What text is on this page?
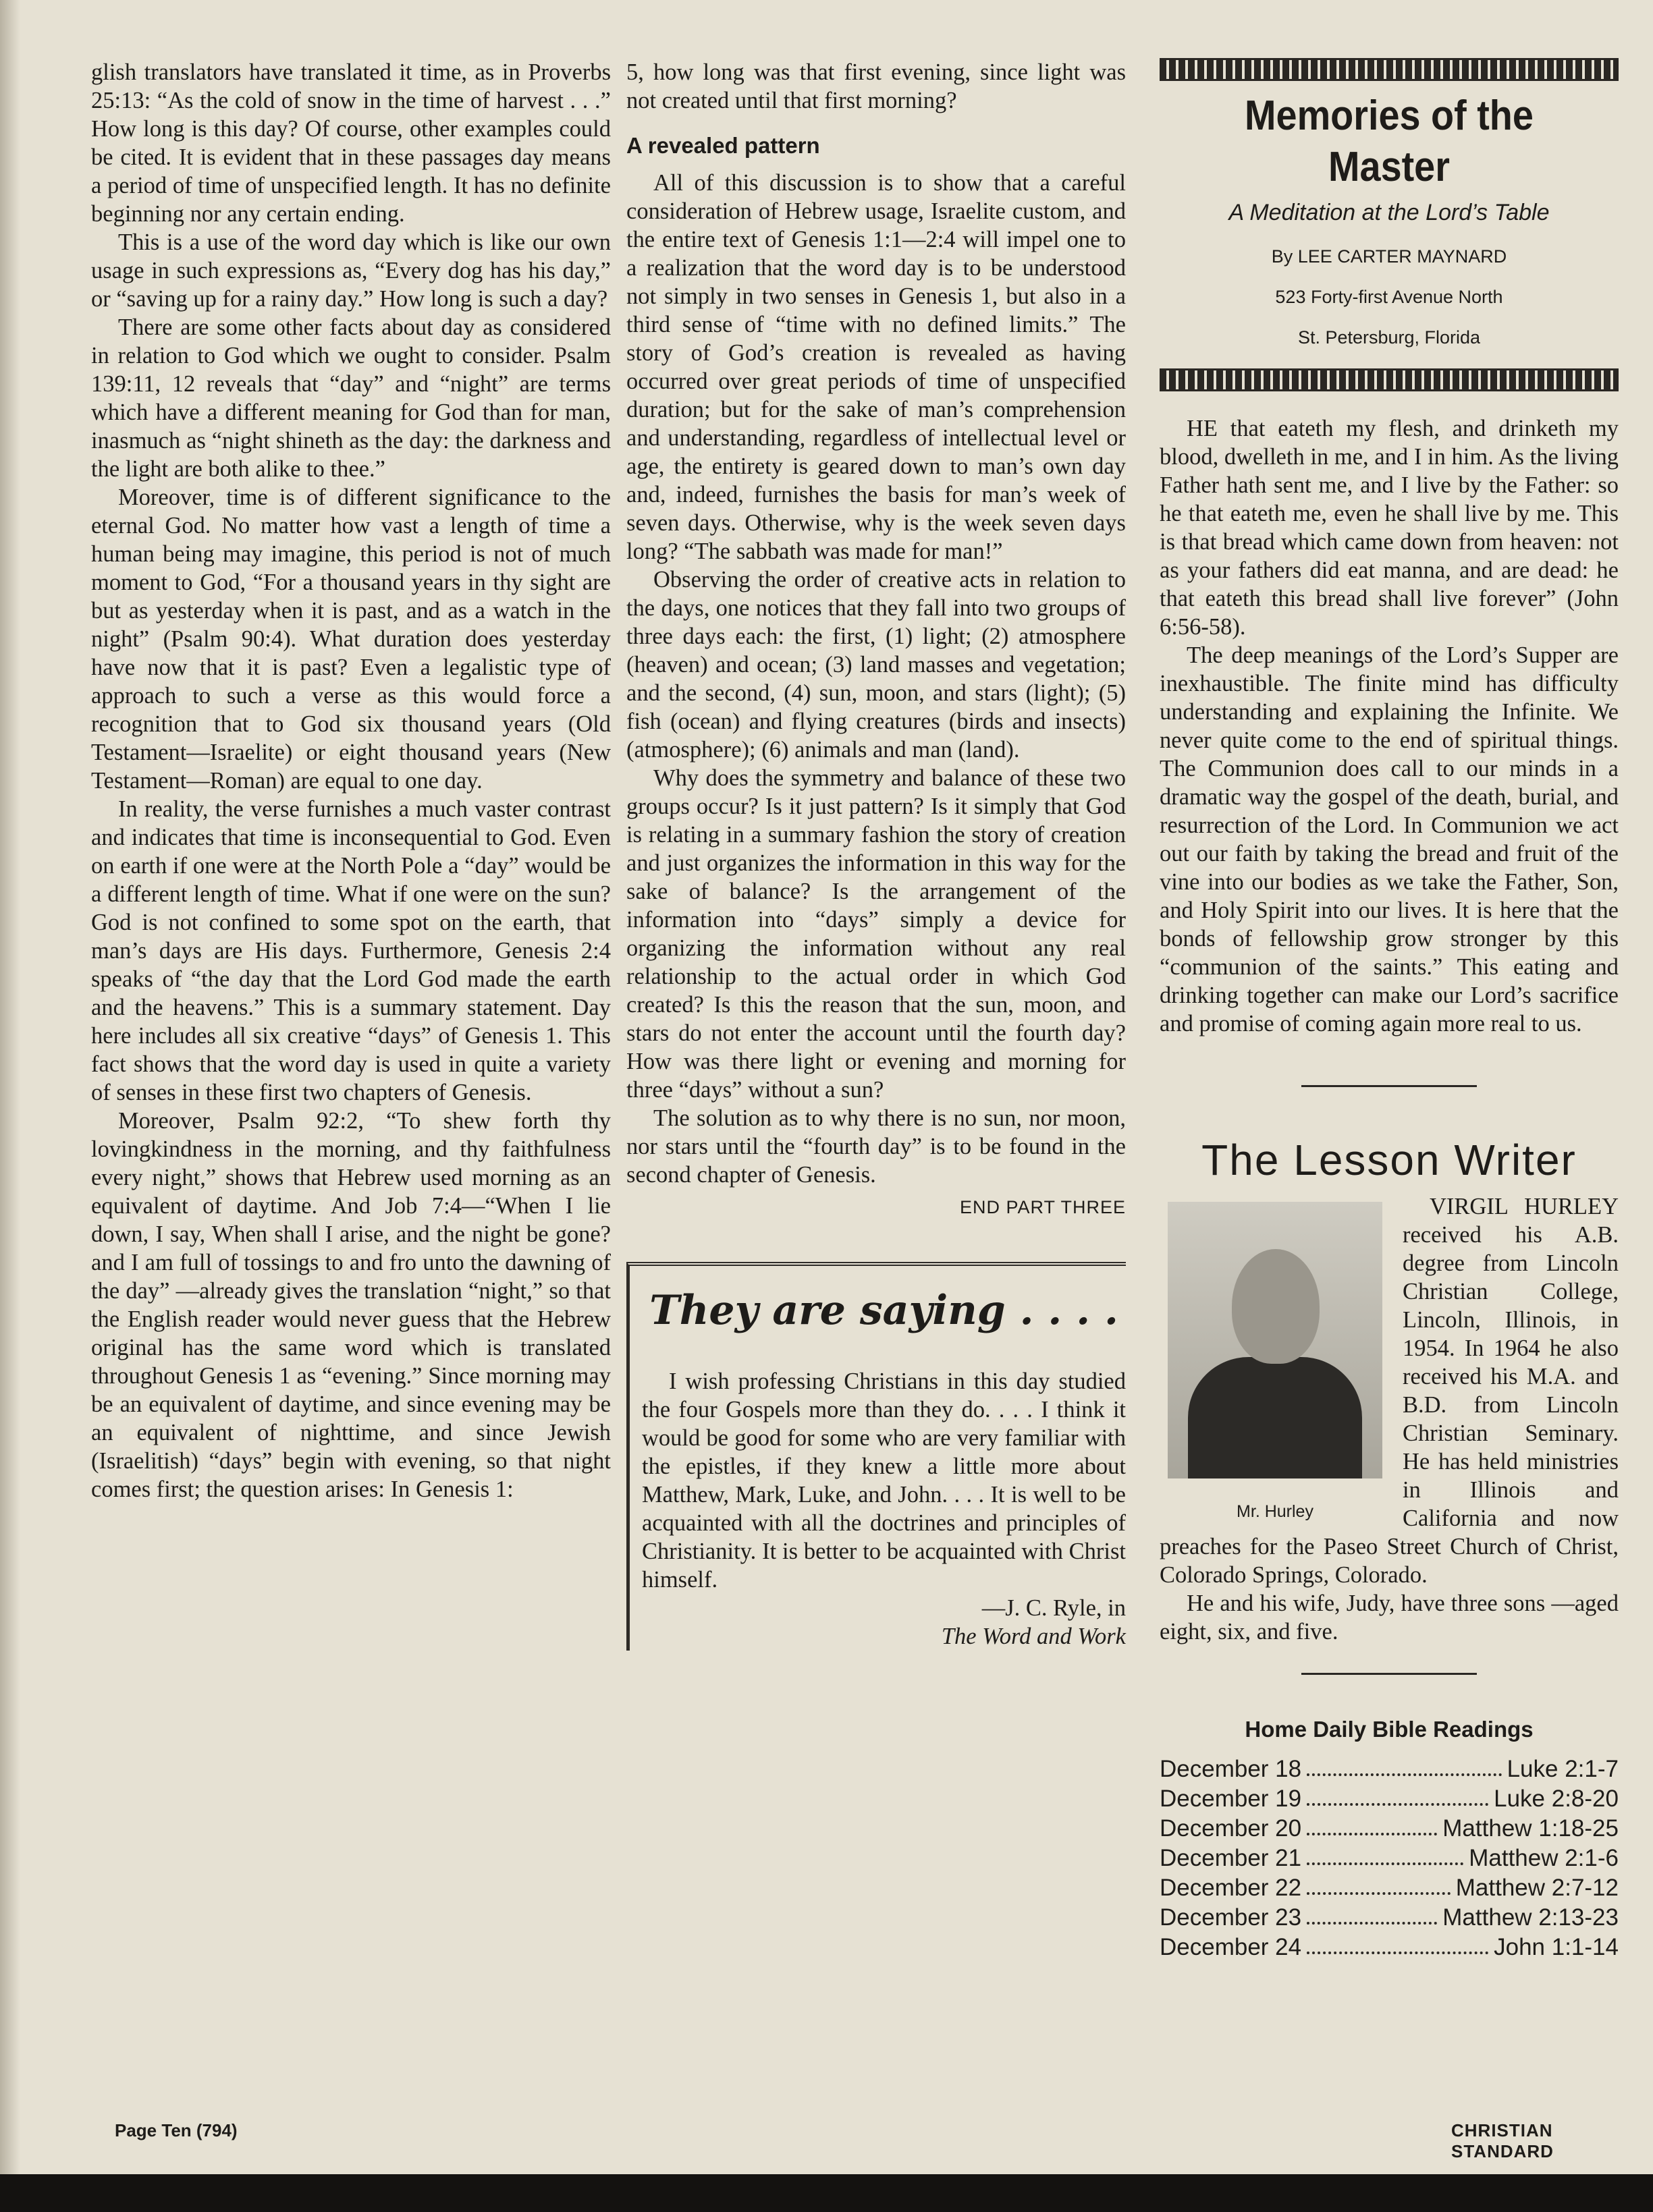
glish translators have translated it time, as in Proverbs 25:13: “As the cold of snow in the time of harvest . . .” How long is this day? Of course, other examples could be cited. It is evident that in these passages day means a period of time of unspecified length. It has no definite beginning nor any certain ending.

This is a use of the word day which is like our own usage in such expressions as, “Every dog has his day,” or “saving up for a rainy day.” How long is such a day?

There are some other facts about day as considered in relation to God which we ought to consider. Psalm 139:11, 12 reveals that “day” and “night” are terms which have a different meaning for God than for man, inasmuch as “night shineth as the day: the darkness and the light are both alike to thee.”

Moreover, time is of different significance to the eternal God. No matter how vast a length of time a human being may imagine, this period is not of much moment to God, “For a thousand years in thy sight are but as yesterday when it is past, and as a watch in the night” (Psalm 90:4). What duration does yesterday have now that it is past? Even a legalistic type of approach to such a verse as this would force a recognition that to God six thousand years (Old Testament—Israelite) or eight thousand years (New Testament—Roman) are equal to one day.

In reality, the verse furnishes a much vaster contrast and indicates that time is inconsequential to God. Even on earth if one were at the North Pole a “day” would be a different length of time. What if one were on the sun? God is not confined to some spot on the earth, that man’s days are His days. Furthermore, Genesis 2:4 speaks of “the day that the Lord God made the earth and the heavens.” This is a summary statement. Day here includes all six creative “days” of Genesis 1. This fact shows that the word day is used in quite a variety of senses in these first two chapters of Genesis.

Moreover, Psalm 92:2, “To shew forth thy lovingkindness in the morning, and thy faithfulness every night,” shows that Hebrew used morning as an equivalent of daytime. And Job 7:4—“When I lie down, I say, When shall I arise, and the night be gone? and I am full of tossings to and fro unto the dawning of the day” —already gives the translation “night,” so that the English reader would never guess that the Hebrew original has the same word which is translated throughout Genesis 1 as “evening.” Since morning may be an equivalent of daytime, and since evening may be an equivalent of nighttime, and since Jewish (Israelitish) “days” begin with evening, so that night comes first; the question arises: In Genesis 1:

5, how long was that first evening, since light was not created until that first morning?

A revealed pattern

All of this discussion is to show that a careful consideration of Hebrew usage, Israelite custom, and the entire text of Genesis 1:1—2:4 will impel one to a realization that the word day is to be understood not simply in two senses in Genesis 1, but also in a third sense of “time with no defined limits.” The story of God’s creation is revealed as having occurred over great periods of time of unspecified duration; but for the sake of man’s comprehension and understanding, regardless of intellectual level or age, the entirety is geared down to man’s own day and, indeed, furnishes the basis for man’s week of seven days. Otherwise, why is the week seven days long? “The sabbath was made for man!”

Observing the order of creative acts in relation to the days, one notices that they fall into two groups of three days each: the first, (1) light; (2) atmosphere (heaven) and ocean; (3) land masses and vegetation; and the second, (4) sun, moon, and stars (light); (5) fish (ocean) and flying creatures (birds and insects) (atmosphere); (6) animals and man (land).

Why does the symmetry and balance of these two groups occur? Is it just pattern? Is it simply that God is relating in a summary fashion the story of creation and just organizes the information in this way for the sake of balance? Is the arrangement of the information into “days” simply a device for organizing the information without any real relationship to the actual order in which God created? Is this the reason that the sun, moon, and stars do not enter the account until the fourth day? How was there light or evening and morning for three “days” without a sun?

The solution as to why there is no sun, nor moon, nor stars until the “fourth day” is to be found in the second chapter of Genesis.

END PART THREE
They are saying . . . .

I wish professing Christians in this day studied the four Gospels more than they do. . . . I think it would be good for some who are very familiar with the epistles, if they knew a little more about Matthew, Mark, Luke, and John. . . . It is well to be acquainted with all the doctrines and principles of Christianity. It is better to be acquainted with Christ himself.

—J. C. Ryle, in
The Word and Work
Memories of the Master
A Meditation at the Lord’s Table
By LEE CARTER MAYNARD
523 Forty-first Avenue North
St. Petersburg, Florida

HE that eateth my flesh, and drinketh my blood, dwelleth in me, and I in him. As the living Father hath sent me, and I live by the Father: so he that eateth me, even he shall live by me. This is that bread which came down from heaven: not as your fathers did eat manna, and are dead: he that eateth this bread shall live forever” (John 6:56-58).

The deep meanings of the Lord’s Supper are inexhaustible. The finite mind has difficulty understanding and explaining the Infinite. We never quite come to the end of spiritual things. The Communion does call to our minds in a dramatic way the gospel of the death, burial, and resurrection of the Lord. In Communion we act out our faith by taking the bread and fruit of the vine into our bodies as we take the Father, Son, and Holy Spirit into our lives. It is here that the bonds of fellowship grow stronger by this “communion of the saints.” This eating and drinking together can make our Lord’s sacrifice and promise of coming again more real to us.

The Lesson Writer
Mr. Hurley

VIRGIL HURLEY received his A.B. degree from Lincoln Christian College, Lincoln, Illinois, in 1954. In 1964 he also received his M.A. and B.D. from Lincoln Christian Seminary. He has held ministries in Illinois and California and now preaches for the Paseo Street Church of Christ, Colorado Springs, Colorado.

He and his wife, Judy, have three sons —aged eight, six, and five.

Home Daily Bible Readings
December 18	Luke 2:1-7
December 19	Luke 2:8-20
December 20	Matthew 1:18-25
December 21	Matthew 2:1-6
December 22	Matthew 2:7-12
December 23	Matthew 2:13-23
December 24	John 1:1-14
Page Ten (794)	CHRISTIAN STANDARD
